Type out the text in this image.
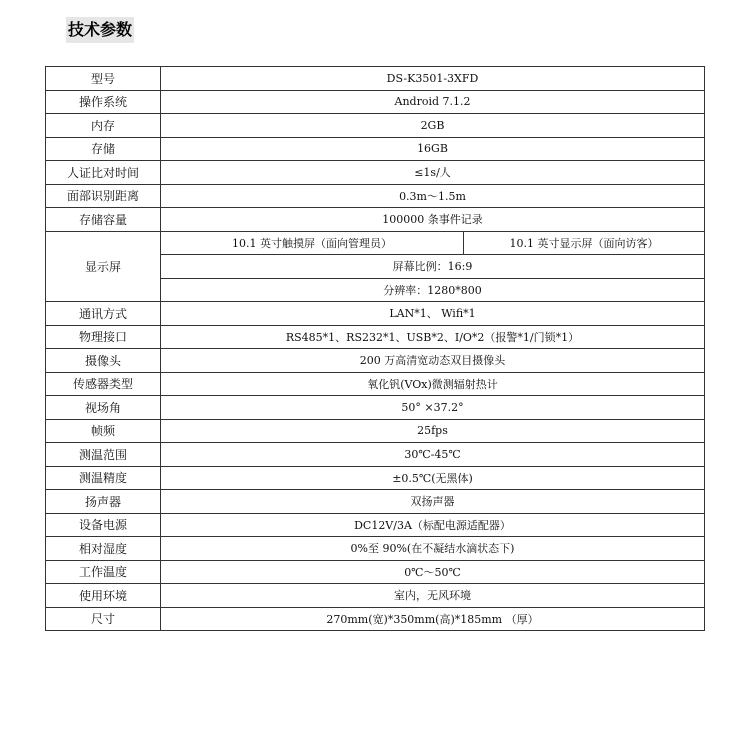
技术参数
型号	DS-K3501-3XFD	
操作系统	Android 7.1.2	
内存	2GB	
存储	16GB	
人证比对时间	≤1s/人	
面部识别距离	0.3m～1.5m	
存储容量	100000 条事件记录	
显示屏	10.1 英寸触摸屏（面向管理员）	10.1 英寸显示屏（面向访客）
	屏幕比例：16:9	
	分辨率：1280*800	
通讯方式	LAN*1、 Wifi*1	
物理接口	RS485*1、RS232*1、USB*2、I/O*2（报警*1/门锁*1）	
摄像头	200 万高清宽动态双目摄像头	
传感器类型	氧化钒(VOx)微测辐射热计	
视场角	50° ×37.2°	
帧频	25fps	
测温范围	30℃-45℃	
测温精度	±0.5℃(无黑体)	
扬声器	双扬声器	
设备电源	DC12V/3A（标配电源适配器）	
相对湿度	0%至 90%(在不凝结水滴状态下)	
工作温度	0℃～50℃	
使用环境	室内，无风环境	
尺寸	270mm(宽)*350mm(高)*185mm （厚）	
